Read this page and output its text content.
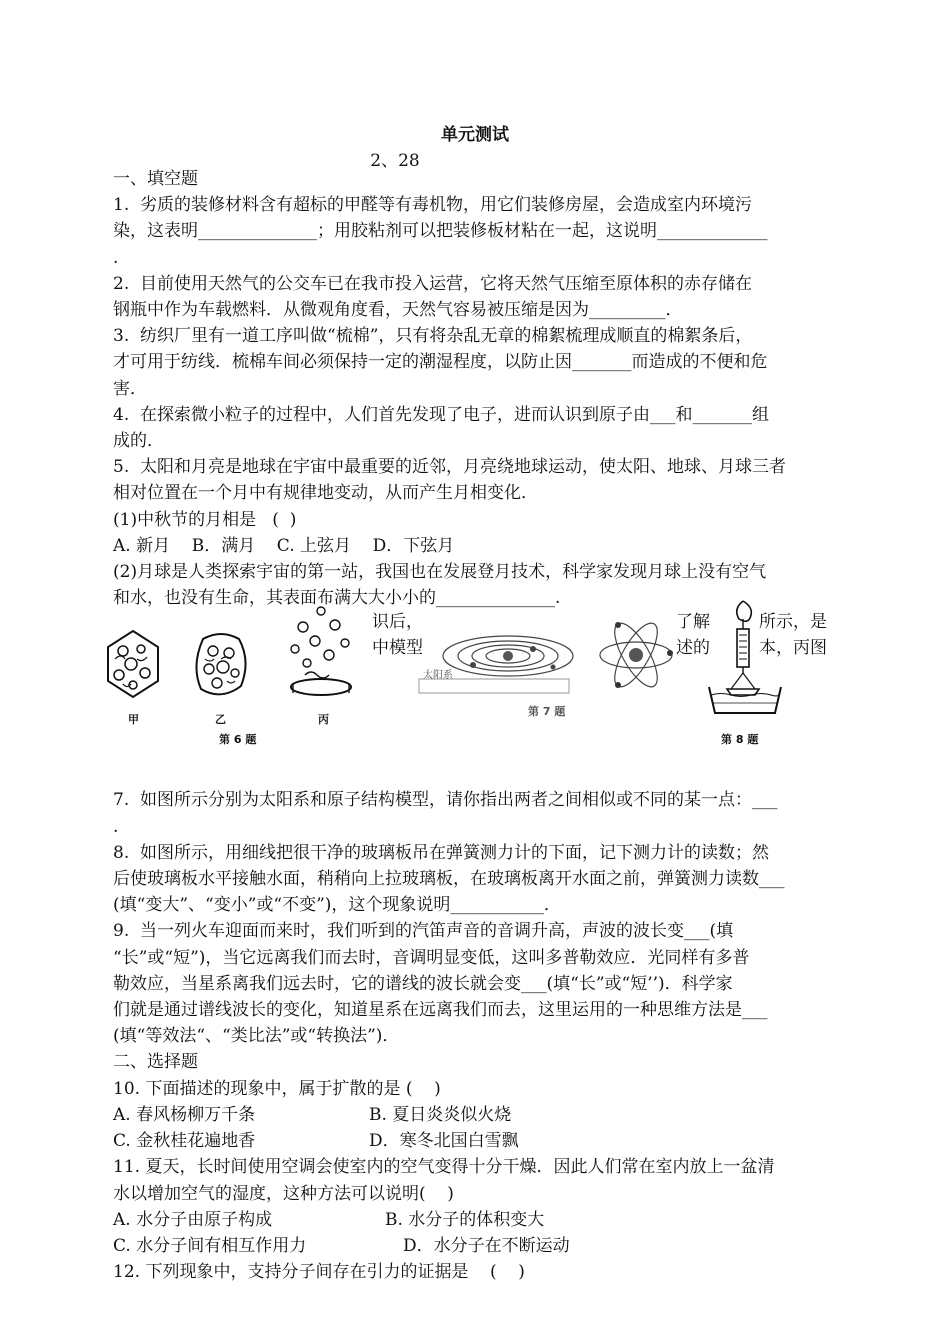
单元测试
2、28

一、填空题

1.  劣质的装修材料含有超标的甲醛等有毒机物，用它们装修房屋，会造成室内环境污

染，这表明______________；用胶粘剂可以把装修板材粘在一起，这说明_____________

.

2.  目前使用天然气的公交车已在我市投入运营，它将天然气压缩至原体积的赤存储在

钢瓶中作为车载燃料．从微观角度看，天然气容易被压缩是因为_________．

3.  纺织厂里有一道工序叫做“梳棉”，只有将杂乱无章的棉絮梳理成顺直的棉絮条后，

才可用于纺线．梳棉车间必须保持一定的潮湿程度，以防止因_______而造成的不便和危

害．

4.  在探索微小粒子的过程中，人们首先发现了电子，进而认识到原子由___和_______组

成的．

5.  太阳和月亮是地球在宇宙中最重要的近邻，月亮绕地球运动，使太阳、地球、月球三者

相对位置在一个月中有规律地变动，从而产生月相变化．

(1)中秋节的月相是   (  )

A. 新月    B．满月    C. 上弦月    D．下弦月

(2)月球是人类探索宇宙的第一站，我国也在发展登月技术，科学家发现月球上没有空气

和水，也没有生命，其表面布满大大小小的______________.

识后，
中模型
了解
述的
所示，是
本，丙图
甲	乙	丙
第 6 题
太阳系
第 7 题
第 8 题

7.  如图所示分别为太阳系和原子结构模型，请你指出两者之间相似或不同的某一点：___

.

8.  如图所示，用细线把很干净的玻璃板吊在弹簧测力计的下面，记下测力计的读数；然

后使玻璃板水平接触水面，稍稍向上拉玻璃板，在玻璃板离开水面之前，弹簧测力读数___

(填“变大”、“变小”或“不变”)，这个现象说明___________．

9.  当一列火车迎面而来时，我们听到的汽笛声音的音调升高，声波的波长变___(填

“长”或“短”)，当它远离我们而去时，音调明显变低，这叫多普勒效应．光同样有多普

勒效应，当星系离我们远去时，它的谱线的波长就会变___(填“长”或“短’’)．科学家

们就是通过谱线波长的变化，知道星系在远离我们而去，这里运用的一种思维方法是___

(填“等效法“、“类比法”或“转换法”)．

二、选择题

10. 下面描述的现象中，属于扩散的是 (    )

A. 春风杨柳万千条	B. 夏日炎炎似火烧
C. 金秋桂花遍地香	D．寒冬北国白雪飘

11. 夏天，长时间使用空调会使室内的空气变得十分干燥．因此人们常在室内放上一盆清

水以增加空气的湿度，这种方法可以说明(    )

A. 水分子由原子构成	B. 水分子的体积变大
C. 水分子间有相互作用力	D．水分子在不断运动

12. 下列现象中，支持分子间存在引力的证据是    (    )
